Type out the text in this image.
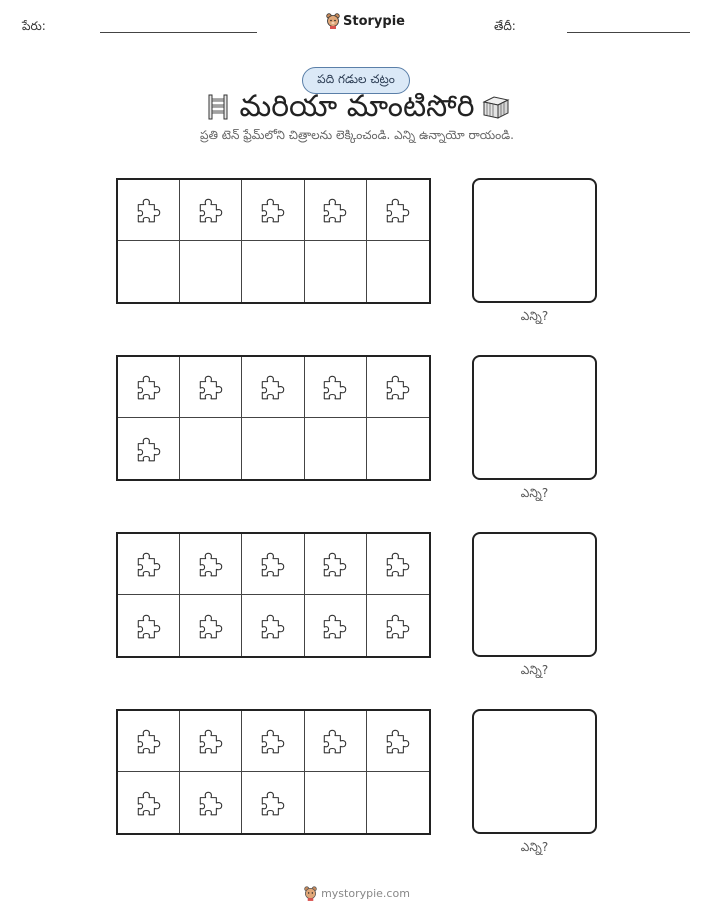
పేరు:	Storypie	తేదీ:
పది గడుల చట్రం
మరియా మాంటిసోరి
ప్రతి టెన్ ఫ్రేమ్‌లోని చిత్రాలను లెక్కించండి. ఎన్ని ఉన్నాయో రాయండి.
ఎన్ని?
ఎన్ని?
ఎన్ని?
ఎన్ని?
mystorypie.com
